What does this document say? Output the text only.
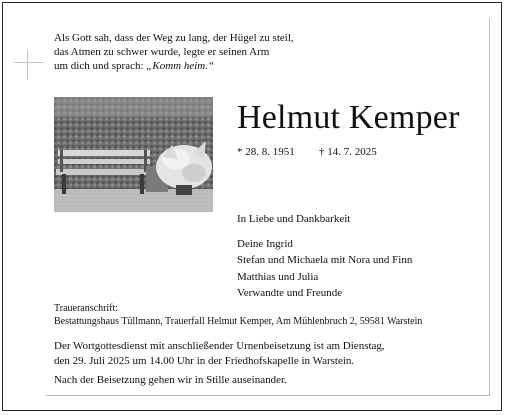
Als Gott sah, dass der Weg zu lang, der Hügel zu steil,
das Atmen zu schwer wurde, legte er seinen Arm
um dich und sprach: „Komm heim.“
Helmut Kemper
* 28. 8. 1951 † 14. 7. 2025
In Liebe und Dankbarkeit
Deine Ingrid
Stefan und Michaela mit Nora und Finn
Matthias und Julia
Verwandte und Freunde
Traueranschrift:
Bestattungshaus Tüllmann, Trauerfall Helmut Kemper, Am Mühlenbruch 2, 59581 Warstein
Der Wortgottesdienst mit anschließender Urnenbeisetzung ist am Dienstag,
den 29. Juli 2025 um 14.00 Uhr in der Friedhofskapelle in Warstein.
Nach der Beisetzung gehen wir in Stille auseinander.
